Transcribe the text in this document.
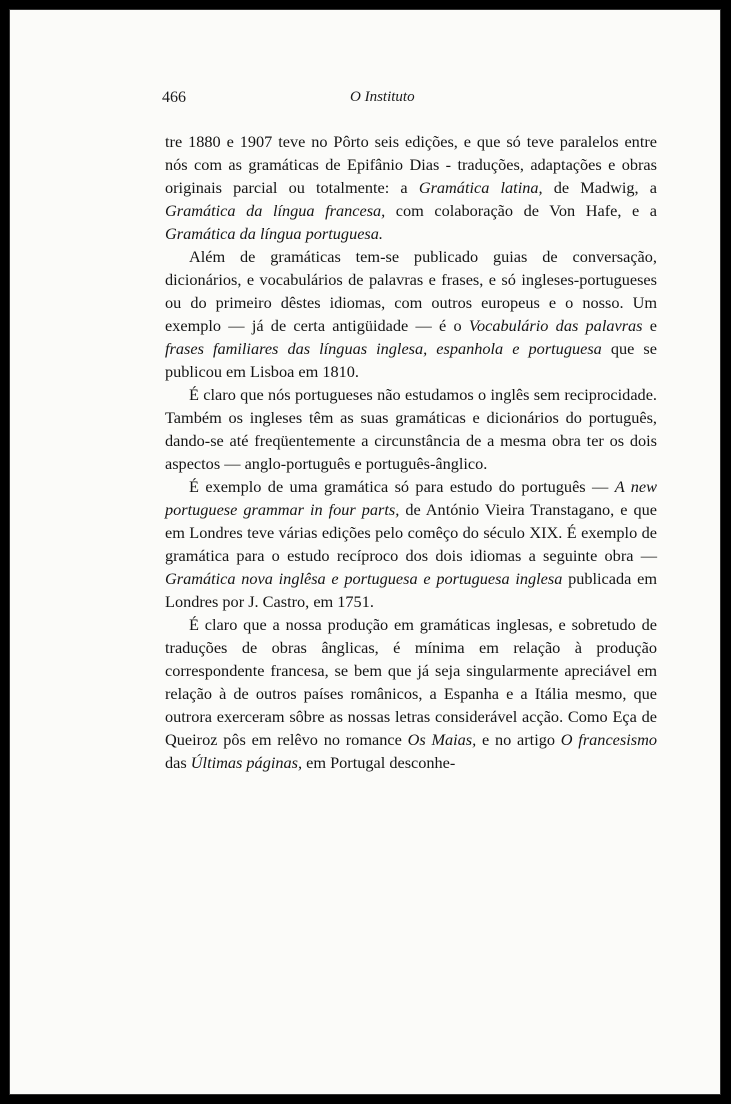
466	O Instituto

tre 1880 e 1907 teve no Pôrto seis edições, e que só teve paralelos entre nós com as gramáticas de Epifânio Dias - traduções, adaptações e obras originais parcial ou totalmente: a Gramática latina, de Madwig, a Gramática da língua francesa, com colaboração de Von Hafe, e a Gramática da língua portuguesa.

Além de gramáticas tem-se publicado guias de conversação, dicionários, e vocabulários de palavras e frases, e só ingleses-portugueses ou do primeiro dêstes idiomas, com outros europeus e o nosso. Um exemplo — já de certa antigüidade — é o Vocabulário das palavras e frases familiares das línguas inglesa, espanhola e portuguesa que se publicou em Lisboa em 1810.

É claro que nós portugueses não estudamos o inglês sem reciprocidade. Também os ingleses têm as suas gramáticas e dicionários do português, dando-se até freqüentemente a circunstância de a mesma obra ter os dois aspectos — anglo-português e português-ânglico.

É exemplo de uma gramática só para estudo do português — A new portuguese grammar in four parts, de António Vieira Transtagano, e que em Londres teve várias edições pelo comêço do século XIX. É exemplo de gramática para o estudo recíproco dos dois idiomas a seguinte obra — Gramática nova inglêsa e portuguesa e portuguesa inglesa publicada em Londres por J. Castro, em 1751.

É claro que a nossa produção em gramáticas inglesas, e sobretudo de traduções de obras ânglicas, é mínima em relação à produção correspondente francesa, se bem que já seja singularmente apreciável em relação à de outros países românicos, a Espanha e a Itália mesmo, que outrora exerceram sôbre as nossas letras considerável acção. Como Eça de Queiroz pôs em relêvo no romance Os Maias, e no artigo O francesismo das Últimas páginas, em Portugal desconhe-
